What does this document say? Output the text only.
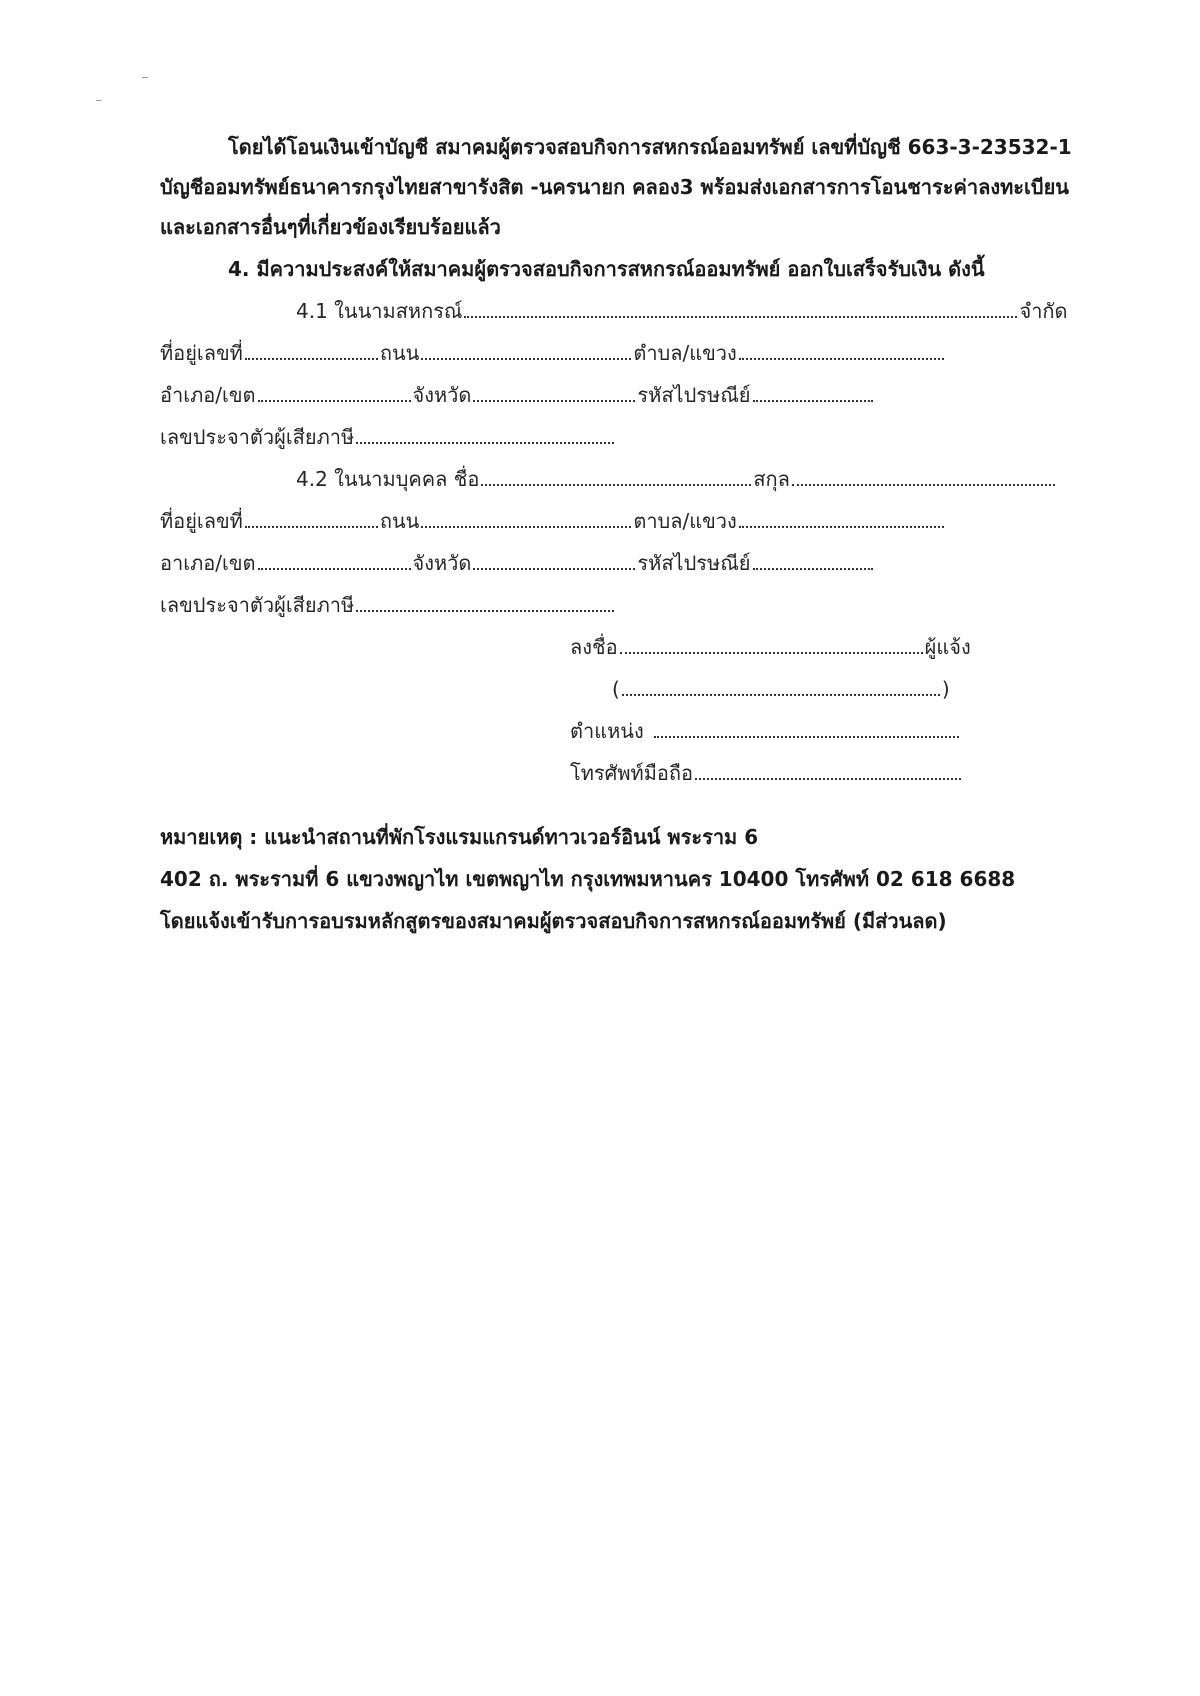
โดยได้โอนเงินเข้าบัญชี สมาคมผู้ตรวจสอบกิจการสหกรณ์ออมทรัพย์ เลขที่บัญชี 663-3-23532-1
บัญชีออมทรัพย์ธนาคารกรุงไทยสาขารังสิต -นครนายก คลอง3 พร้อมส่งเอกสารการโอนชาระค่าลงทะเบียน
และเอกสารอื่นๆที่เกี่ยวข้องเรียบร้อยแล้ว
4. มีความประสงค์ให้สมาคมผู้ตรวจสอบกิจการสหกรณ์ออมทรัพย์ ออกใบเสร็จรับเงิน ดังนี้
4.1 ในนามสหกรณ์	จำกัด
ที่อยู่เลขที่	ถนน	ตำบล/แขวง
อำเภอ/เขต	จังหวัด	รหัสไปรษณีย์
เลขประจาตัวผู้เสียภาษี
4.2 ในนามบุคคล ชื่อ	สกุล
ที่อยู่เลขที่	ถนน	ตาบล/แขวง
อาเภอ/เขต	จังหวัด	รหัสไปรษณีย์
เลขประจาตัวผู้เสียภาษี
ลงชื่อ	ผู้แจ้ง
(	)
ตำแหน่ง
โทรศัพท์มือถือ
หมายเหตุ : แนะนำสถานที่พักโรงแรมแกรนด์ทาวเวอร์อินน์ พระราม 6
402 ถ. พระรามที่ 6 แขวงพญาไท เขตพญาไท กรุงเทพมหานคร 10400 โทรศัพท์ 02 618 6688
โดยแจ้งเข้ารับการอบรมหลักสูตรของสมาคมผู้ตรวจสอบกิจการสหกรณ์ออมทรัพย์ (มีส่วนลด)
